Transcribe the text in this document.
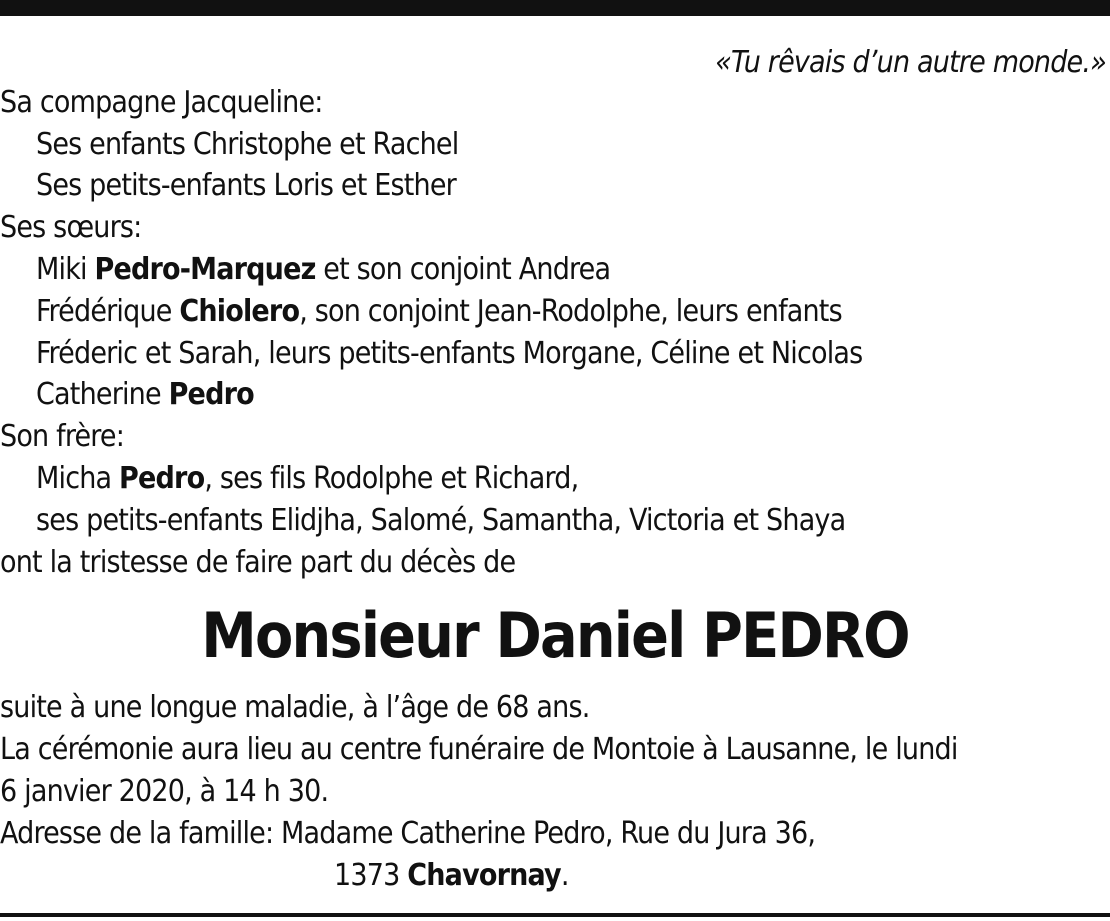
«Tu rêvais d’un autre monde.»
Sa compagne Jacqueline:
Ses enfants Christophe et Rachel
Ses petits-enfants Loris et Esther
Ses sœurs:
Miki Pedro-Marquez et son conjoint Andrea
Frédérique Chiolero, son conjoint Jean-Rodolphe, leurs enfants
Fréderic et Sarah, leurs petits-enfants Morgane, Céline et Nicolas
Catherine Pedro
Son frère:
Micha Pedro, ses fils Rodolphe et Richard,
ses petits-enfants Elidjha, Salomé, Samantha, Victoria et Shaya
ont la tristesse de faire part du décès de
Monsieur Daniel PEDRO
suite à une longue maladie, à l’âge de 68 ans.
La cérémonie aura lieu au centre funéraire de Montoie à Lausanne, le lundi
6 janvier 2020, à 14 h 30.
Adresse de la famille: Madame Catherine Pedro, Rue du Jura 36,
1373 Chavornay.
